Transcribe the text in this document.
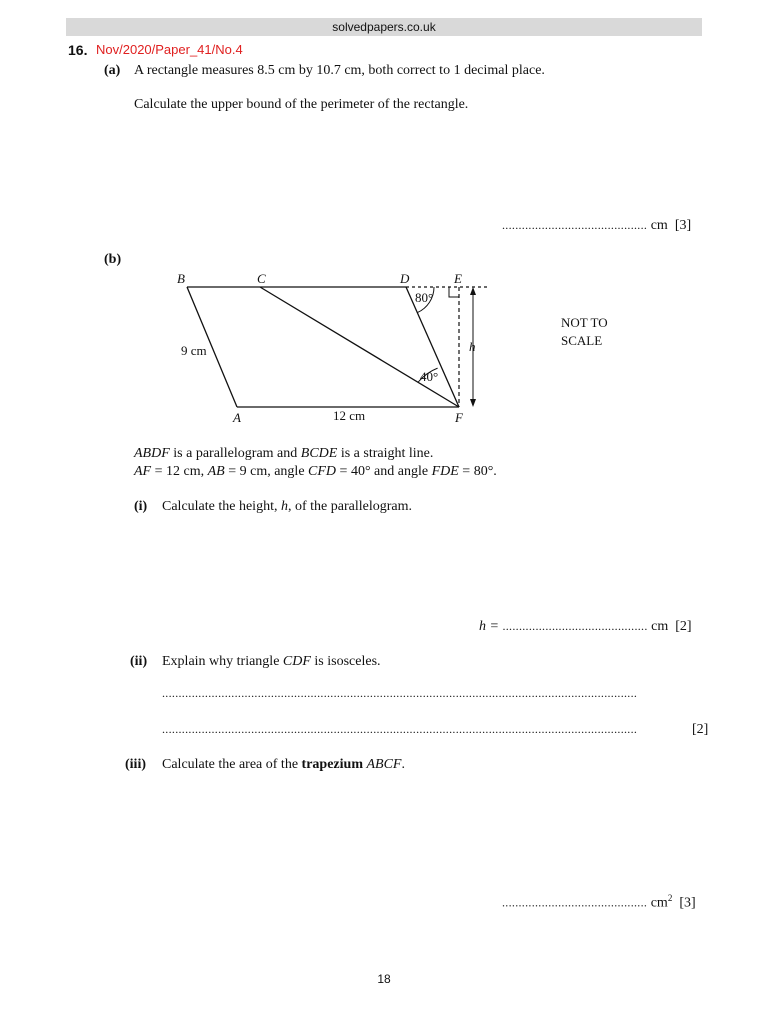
solvedpapers.co.uk
16. Nov/2020/Paper_41/No.4
(a) A rectangle measures 8.5 cm by 10.7 cm, both correct to 1 decimal place.
Calculate the upper bound of the perimeter of the rectangle.
............................................ cm [3]
(b)
B	C	D	E
A	F
80°
40°
9 cm
12 cm
h
NOT TO
SCALE
ABDF is a parallelogram and BCDE is a straight line.
AF = 12 cm, AB = 9 cm, angle CFD = 40° and angle FDE = 80°.
(i) Calculate the height, h, of the parallelogram.
h = ............................................ cm [2]
(ii) Explain why triangle CDF is isosceles.
................................................................................................................................................
................................................................................................................................................	[2]
(iii) Calculate the area of the trapezium ABCF.
............................................ $cm^2$ [3]
18
